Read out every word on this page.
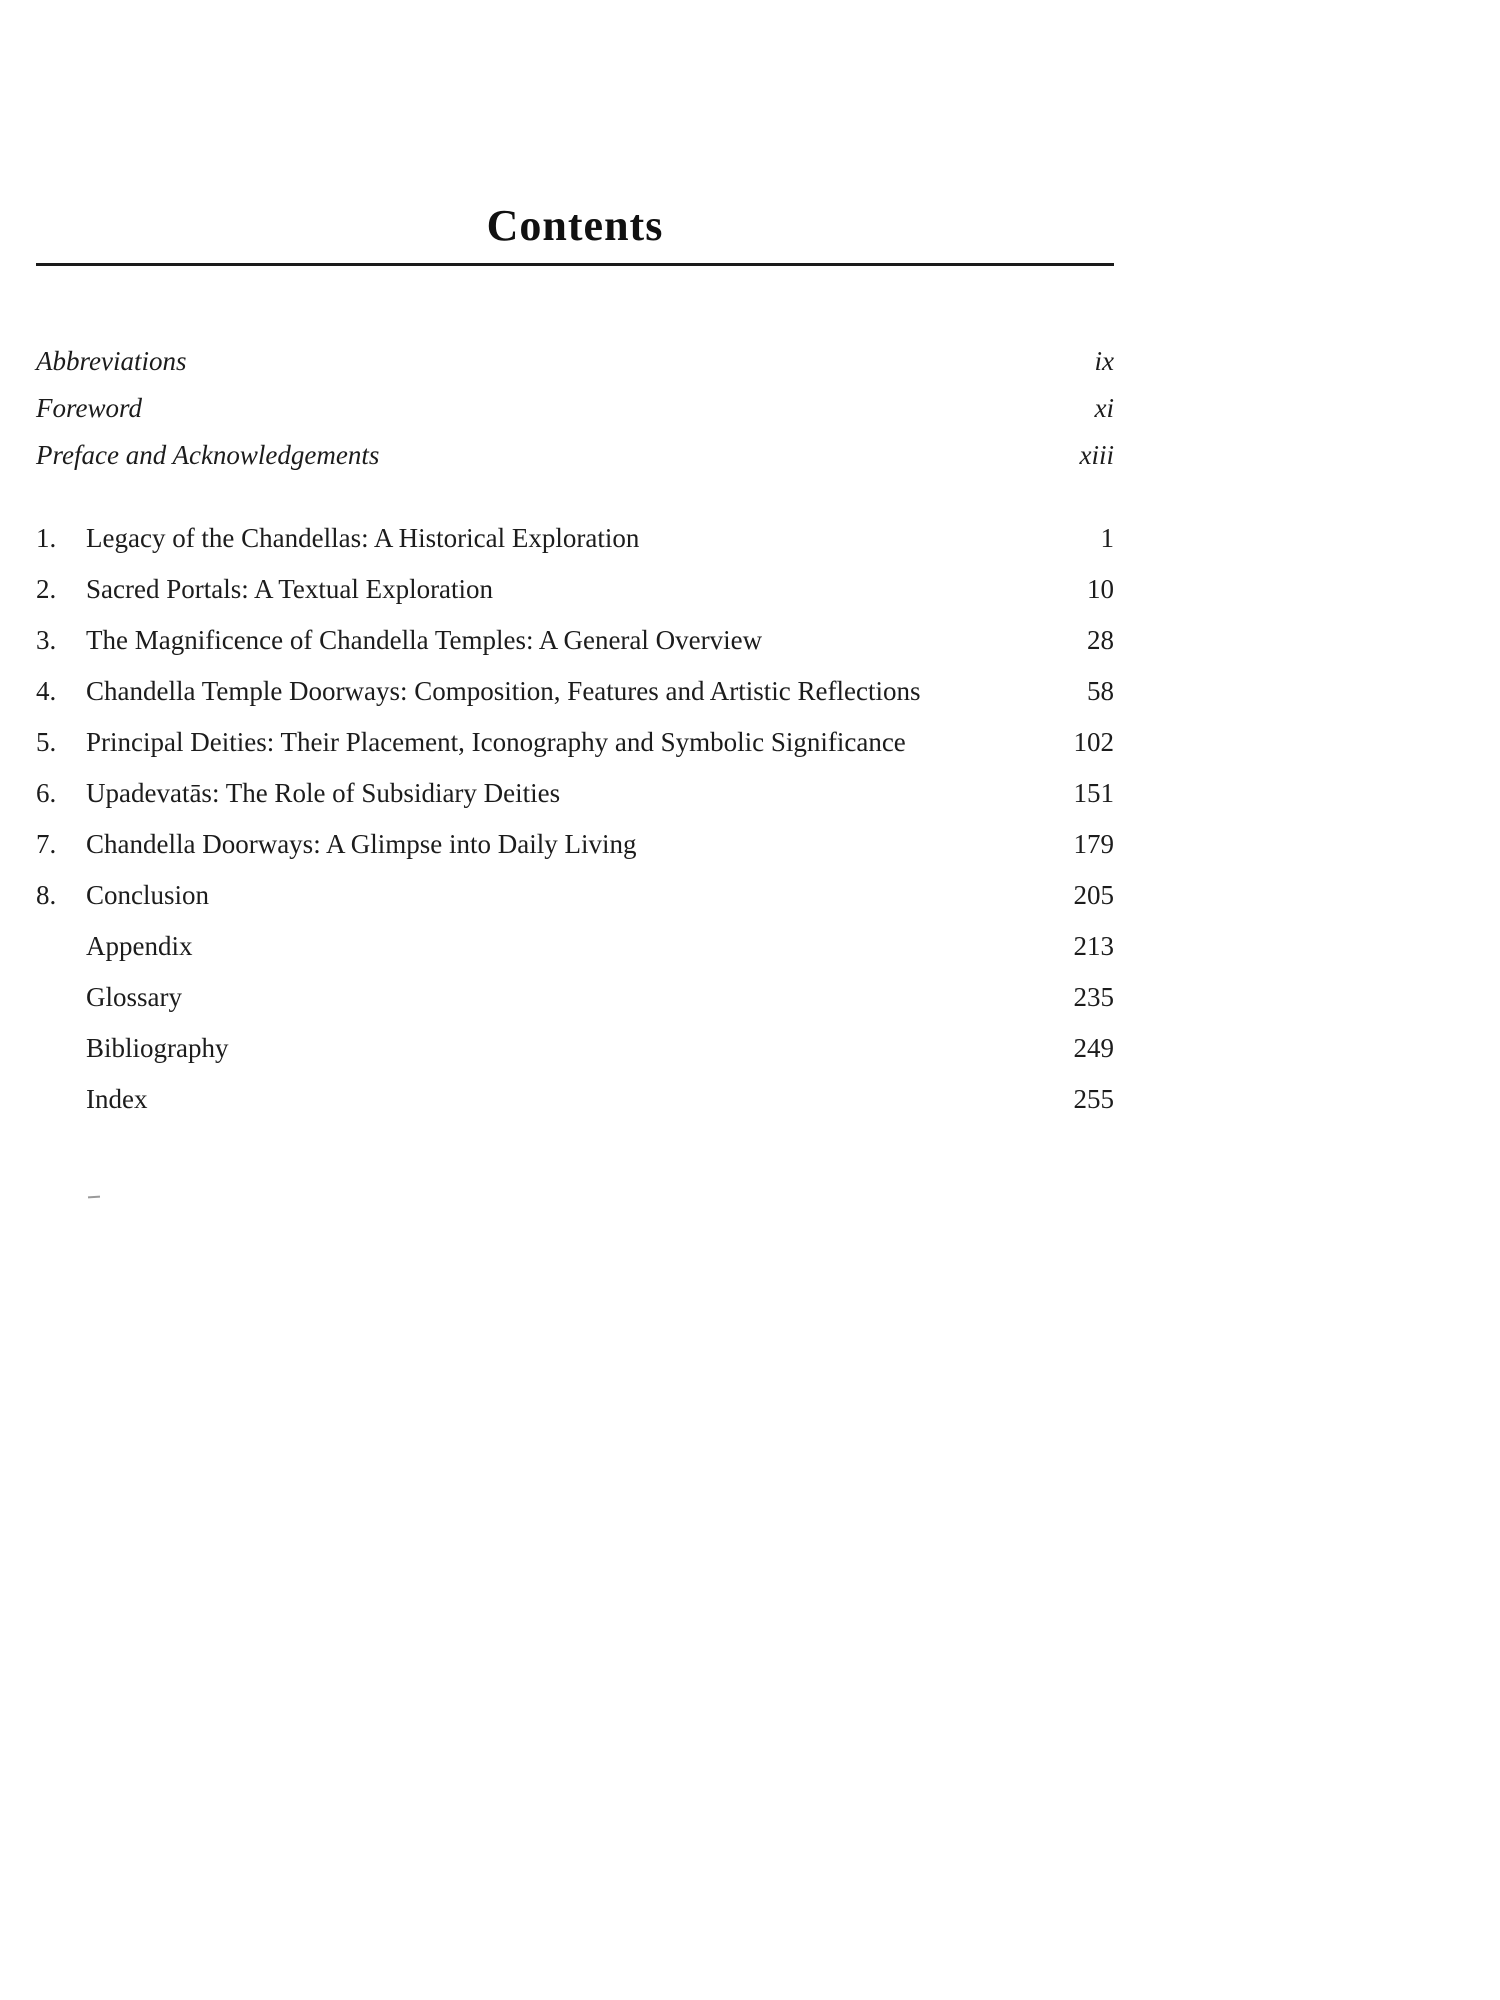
Contents
Abbreviations	ix
Foreword	xi
Preface and Acknowledgements	xiii
1.	Legacy of the Chandellas: A Historical Exploration	1
2.	Sacred Portals: A Textual Exploration	10
3.	The Magnificence of Chandella Temples: A General Overview	28
4.	Chandella Temple Doorways: Composition, Features and Artistic Reflections	58
5.	Principal Deities: Their Placement, Iconography and Symbolic Significance	102
6.	Upadevatās: The Role of Subsidiary Deities	151
7.	Chandella Doorways: A Glimpse into Daily Living	179
8.	Conclusion	205
Appendix	213
Glossary	235
Bibliography	249
Index	255
